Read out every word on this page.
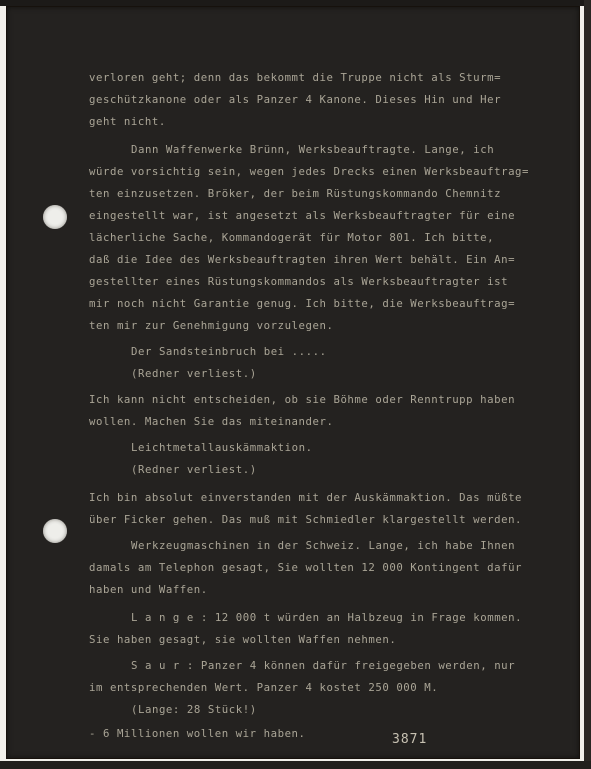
verloren geht; denn das bekommt die Truppe nicht als Sturm=

geschützkanone oder als Panzer 4 Kanone. Dieses Hin und Her

geht nicht.

Dann Waffenwerke Brünn, Werksbeauftragte. Lange, ich

würde vorsichtig sein, wegen jedes Drecks einen Werksbeauftrag=

ten einzusetzen. Bröker, der beim Rüstungskommando Chemnitz

eingestellt war, ist angesetzt als Werksbeauftragter für eine

lächerliche Sache, Kommandogerät für Motor 801. Ich bitte,

daß die Idee des Werksbeauftragten ihren Wert behält. Ein An=

gestellter eines Rüstungskommandos als Werksbeauftragter ist

mir noch nicht Garantie genug. Ich bitte, die Werksbeauftrag=

ten mir zur Genehmigung vorzulegen.

Der Sandsteinbruch bei .....

(Redner verliest.)

Ich kann nicht entscheiden, ob sie Böhme oder Renntrupp haben

wollen. Machen Sie das miteinander.

Leichtmetallauskämmaktion.

(Redner verliest.)

Ich bin absolut einverstanden mit der Auskämmaktion. Das müßte

über Ficker gehen. Das muß mit Schmiedler klargestellt werden.

Werkzeugmaschinen in der Schweiz. Lange, ich habe Ihnen

damals am Telephon gesagt, Sie wollten 12 000 Kontingent dafür

haben und Waffen.

L a n g e : 12 000 t würden an Halbzeug in Frage kommen.

Sie haben gesagt, sie wollten Waffen nehmen.

S a u r : Panzer 4 können dafür freigegeben werden, nur

im entsprechenden Wert. Panzer 4 kostet 250 000 M.

(Lange: 28 Stück!)

- 6 Millionen wollen wir haben.

	3871
